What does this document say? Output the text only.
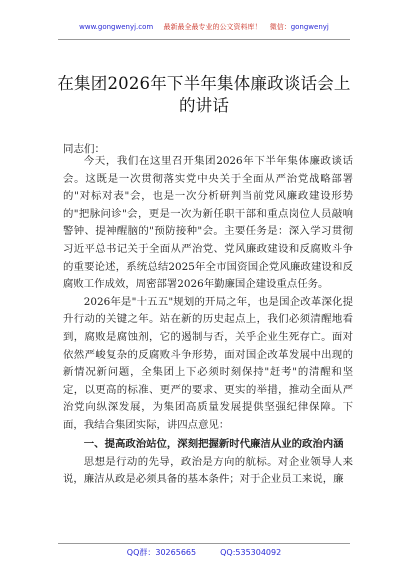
www.gongwenyj.com 最新最全最专业的公文资料库！ 微信：gongwenyj
在集团2026年下半年集体廉政谈话会上的讲话
同志们：

今天，我们在这里召开集团2026年下半年集体廉政谈话会。这既是一次贯彻落实党中央关于全面从严治党战略部署的"对标对表"会，也是一次分析研判当前党风廉政建设形势的"把脉问诊"会，更是一次为新任职干部和重点岗位人员敲响警钟、提神醒脑的"预防接种"会。主要任务是：深入学习贯彻习近平总书记关于全面从严治党、党风廉政建设和反腐败斗争的重要论述，系统总结2025年全市国资国企党风廉政建设和反腐败工作成效，周密部署2026年勤廉国企建设重点任务。

2026年是"十五五"规划的开局之年，也是国企改革深化提升行动的关键之年。站在新的历史起点上，我们必须清醒地看到，腐败是腐蚀剂，它的遏制与否，关乎企业生死存亡。面对依然严峻复杂的反腐败斗争形势，面对国企改革发展中出现的新情况新问题，全集团上下必须时刻保持"赶考"的清醒和坚定，以更高的标准、更严的要求、更实的举措，推动全面从严治党向纵深发展，为集团高质量发展提供坚强纪律保障。下面，我结合集团实际，讲四点意见：

一、提高政治站位，深刻把握新时代廉洁从业的政治内涵

思想是行动的先导，政治是方向的航标。对企业领导人来说，廉洁从政是必须具备的基本条件；对于企业员工来说，廉

QQ群：30265665	QQ:535304092
